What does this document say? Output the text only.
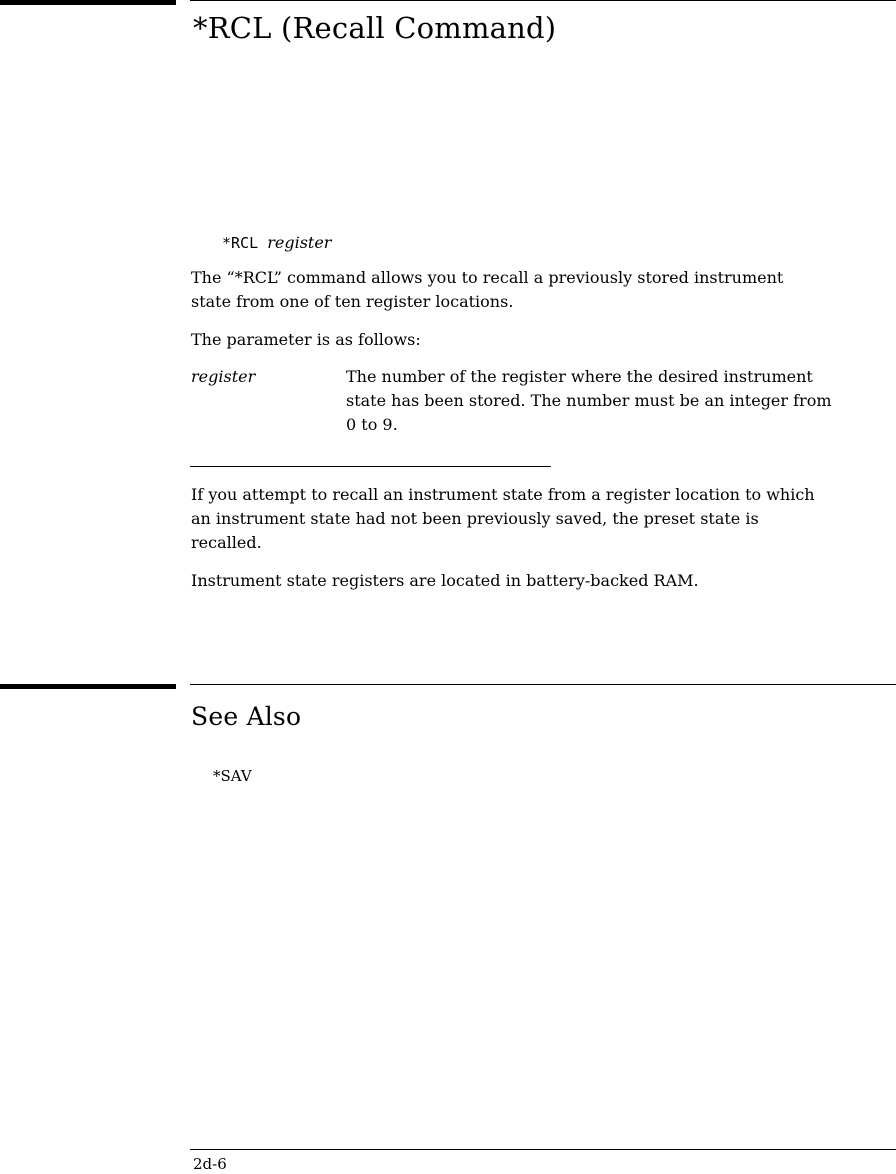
*RCL (Recall Command)
*RCL register

The “*RCL” command allows you to recall a previously stored instrument

state from one of ten register locations.

The parameter is as follows:

register	The number of the register where the desired instrument
state has been stored. The number must be an integer from
0 to 9.

If you attempt to recall an instrument state from a register location to which

an instrument state had not been previously saved, the preset state is

recalled.

Instrument state registers are located in battery-backed RAM.

See Also
*SAV
2d-6
